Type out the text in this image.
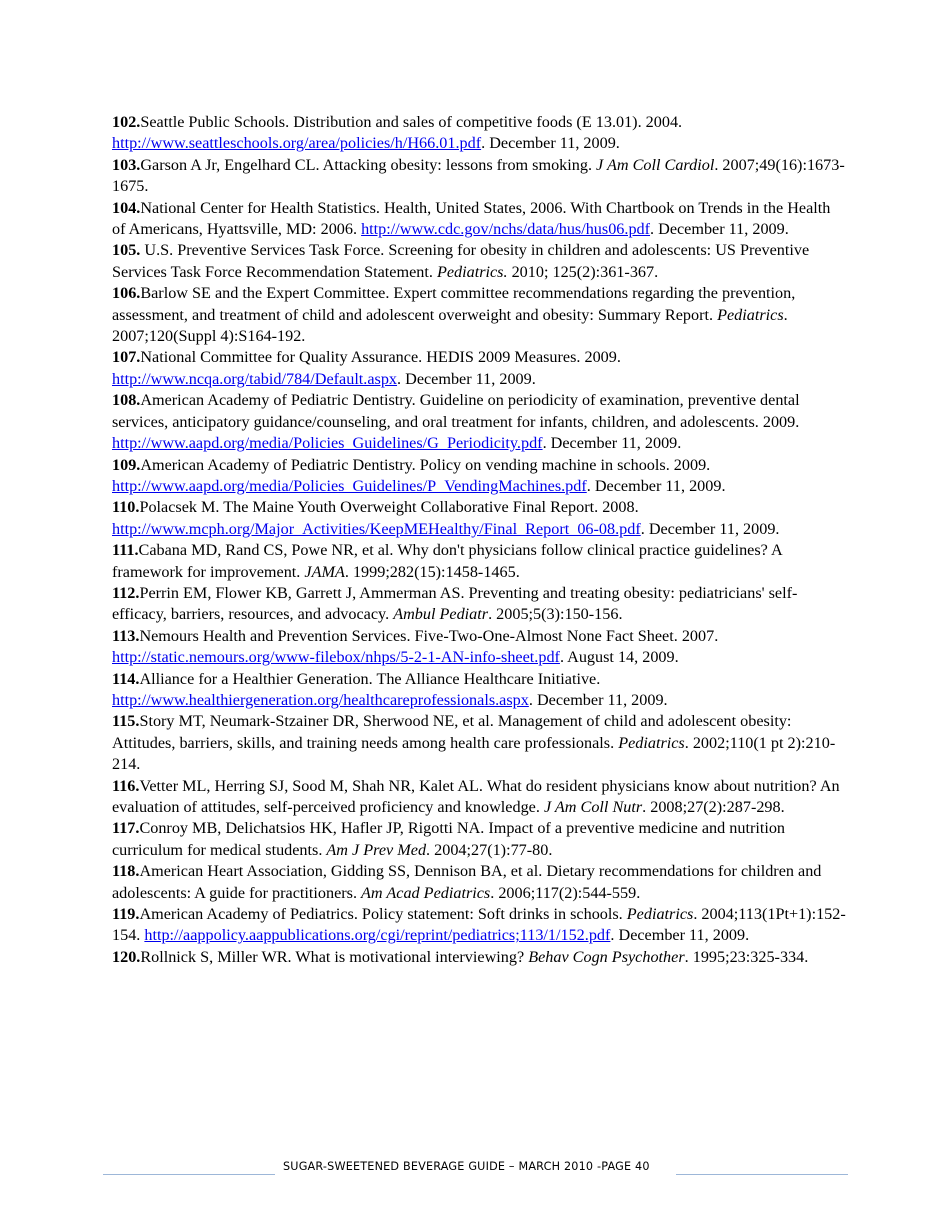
102.Seattle Public Schools. Distribution and sales of competitive foods (E 13.01). 2004. http://www.seattleschools.org/area/policies/h/H66.01.pdf. December 11, 2009.

103.Garson A Jr, Engelhard CL. Attacking obesity: lessons from smoking. J Am Coll Cardiol. 2007;49(16):1673-1675.

104.National Center for Health Statistics. Health, United States, 2006. With Chartbook on Trends in the Health of Americans, Hyattsville, MD: 2006. http://www.cdc.gov/nchs/data/hus/hus06.pdf. December 11, 2009.

105. U.S. Preventive Services Task Force. Screening for obesity in children and adolescents: US Preventive Services Task Force Recommendation Statement. Pediatrics. 2010; 125(2):361-367.

106.Barlow SE and the Expert Committee. Expert committee recommendations regarding the prevention, assessment, and treatment of child and adolescent overweight and obesity: Summary Report. Pediatrics. 2007;120(Suppl 4):S164-192.

107.National Committee for Quality Assurance. HEDIS 2009 Measures. 2009. http://www.ncqa.org/tabid/784/Default.aspx. December 11, 2009.

108.American Academy of Pediatric Dentistry. Guideline on periodicity of examination, preventive dental services, anticipatory guidance/counseling, and oral treatment for infants, children, and adolescents. 2009. http://www.aapd.org/media/Policies_Guidelines/G_Periodicity.pdf. December 11, 2009.

109.American Academy of Pediatric Dentistry. Policy on vending machine in schools. 2009. http://www.aapd.org/media/Policies_Guidelines/P_VendingMachines.pdf. December 11, 2009.

110.Polacsek M. The Maine Youth Overweight Collaborative Final Report. 2008. http://www.mcph.org/Major_Activities/KeepMEHealthy/Final_Report_06-08.pdf. December 11, 2009.

111.Cabana MD, Rand CS, Powe NR, et al. Why don't physicians follow clinical practice guidelines? A framework for improvement. JAMA. 1999;282(15):1458-1465.

112.Perrin EM, Flower KB, Garrett J, Ammerman AS. Preventing and treating obesity: pediatricians' self-efficacy, barriers, resources, and advocacy. Ambul Pediatr. 2005;5(3):150-156.

113.Nemours Health and Prevention Services. Five-Two-One-Almost None Fact Sheet. 2007. http://static.nemours.org/www-filebox/nhps/5-2-1-AN-info-sheet.pdf. August 14, 2009.

114.Alliance for a Healthier Generation. The Alliance Healthcare Initiative. http://www.healthiergeneration.org/healthcareprofessionals.aspx. December 11, 2009.

115.Story MT, Neumark-Stzainer DR, Sherwood NE, et al. Management of child and adolescent obesity: Attitudes, barriers, skills, and training needs among health care professionals. Pediatrics. 2002;110(1 pt 2):210-214.

116.Vetter ML, Herring SJ, Sood M, Shah NR, Kalet AL. What do resident physicians know about nutrition? An evaluation of attitudes, self-perceived proficiency and knowledge. J Am Coll Nutr. 2008;27(2):287-298.

117.Conroy MB, Delichatsios HK, Hafler JP, Rigotti NA. Impact of a preventive medicine and nutrition curriculum for medical students. Am J Prev Med. 2004;27(1):77-80.

118.American Heart Association, Gidding SS, Dennison BA, et al. Dietary recommendations for children and adolescents: A guide for practitioners. Am Acad Pediatrics. 2006;117(2):544-559.

119.American Academy of Pediatrics. Policy statement: Soft drinks in schools. Pediatrics. 2004;113(1Pt+1):152-154. http://aappolicy.aappublications.org/cgi/reprint/pediatrics;113/1/152.pdf. December 11, 2009.

120.Rollnick S, Miller WR. What is motivational interviewing? Behav Cogn Psychother. 1995;23:325-334.

SUGAR-SWEETENED BEVERAGE GUIDE – MARCH 2010 -PAGE 40
